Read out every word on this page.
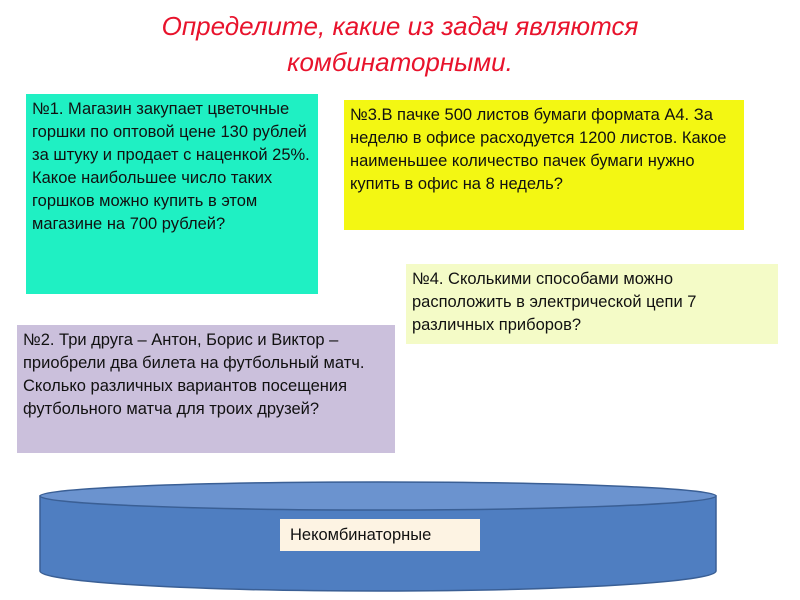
Определите, какие из задач являются комбинаторными.
№1. Магазин закупает цветочные горшки по оптовой цене 130 рублей за штуку и продает с наценкой 25%. Какое наибольшее число таких горшков можно купить в этом магазине на 700 рублей?
№3.В пачке 500 листов бумаги формата А4. За неделю в офисе расходуется 1200 листов. Какое наименьшее количество пачек бумаги нужно купить в офис на 8 недель?
№4. Сколькими способами можно расположить в электрической цепи 7 различных приборов?
№2. Три друга – Антон, Борис и Виктор – приобрели два билета на футбольный матч. Сколько различных вариантов посещения футбольного матча для троих друзей?
Некомбинаторные
